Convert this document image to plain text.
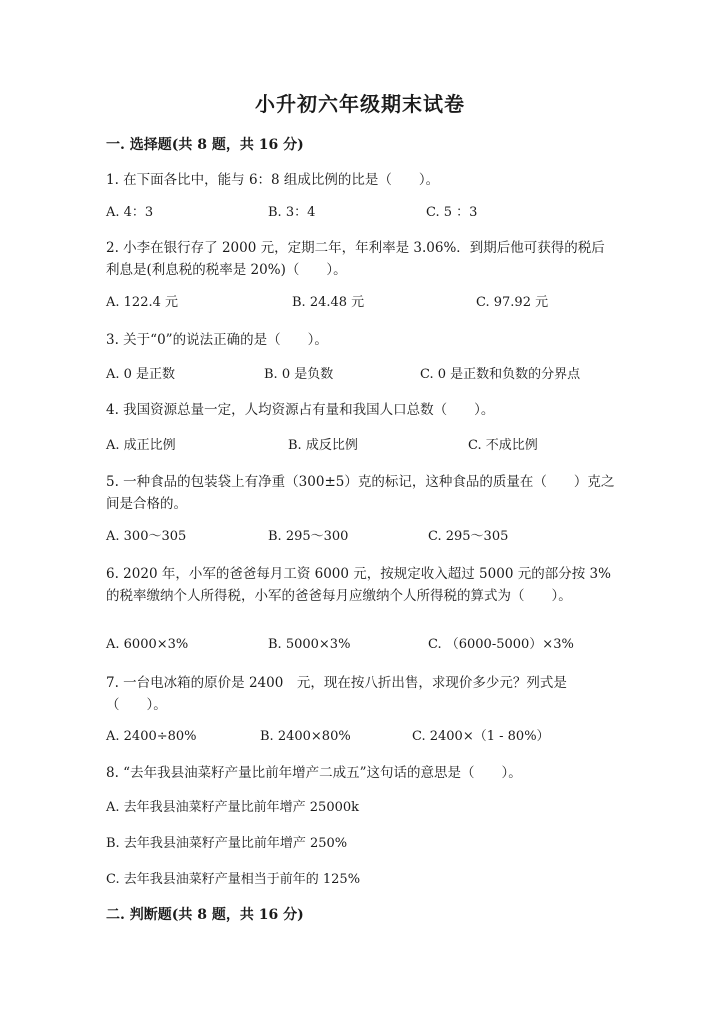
小升初六年级期末试卷
一. 选择题(共 8 题，共 16 分)
1. 在下面各比中，能与 6：8 组成比例的比是（　　）。
A. 4：3	B. 3：4	C. 5 ：3
2. 小李在银行存了 2000 元，定期二年，年利率是 3.06%．到期后他可获得的税后利息是(利息税的税率是 20%)（　　）。
A. 122.4 元	B. 24.48 元	C. 97.92 元
3. 关于“0”的说法正确的是（　　）。
A. 0 是正数	B. 0 是负数	C. 0 是正数和负数的分界点
4. 我国资源总量一定，人均资源占有量和我国人口总数（　　）。
A. 成正比例	B. 成反比例	C. 不成比例
5. 一种食品的包装袋上有净重（300±5）克的标记，这种食品的质量在（　　）克之间是合格的。
A. 300～305	B. 295～300	C. 295～305
6. 2020 年，小军的爸爸每月工资 6000 元，按规定收入超过 5000 元的部分按 3%的税率缴纳个人所得税，小军的爸爸每月应缴纳个人所得税的算式为（　　）。
A. 6000×3%	B. 5000×3%	C. （6000-5000）×3%
7. 一台电冰箱的原价是 2400　元，现在按八折出售，求现价多少元？列式是（　　）。
A. 2400÷80%	B. 2400×80%	C. 2400×（1 - 80%）
8. “去年我县油菜籽产量比前年增产二成五”这句话的意思是（　　）。
A. 去年我县油菜籽产量比前年增产 25000k
B. 去年我县油菜籽产量比前年增产 250%
C. 去年我县油菜籽产量相当于前年的 125%
二. 判断题(共 8 题，共 16 分)
